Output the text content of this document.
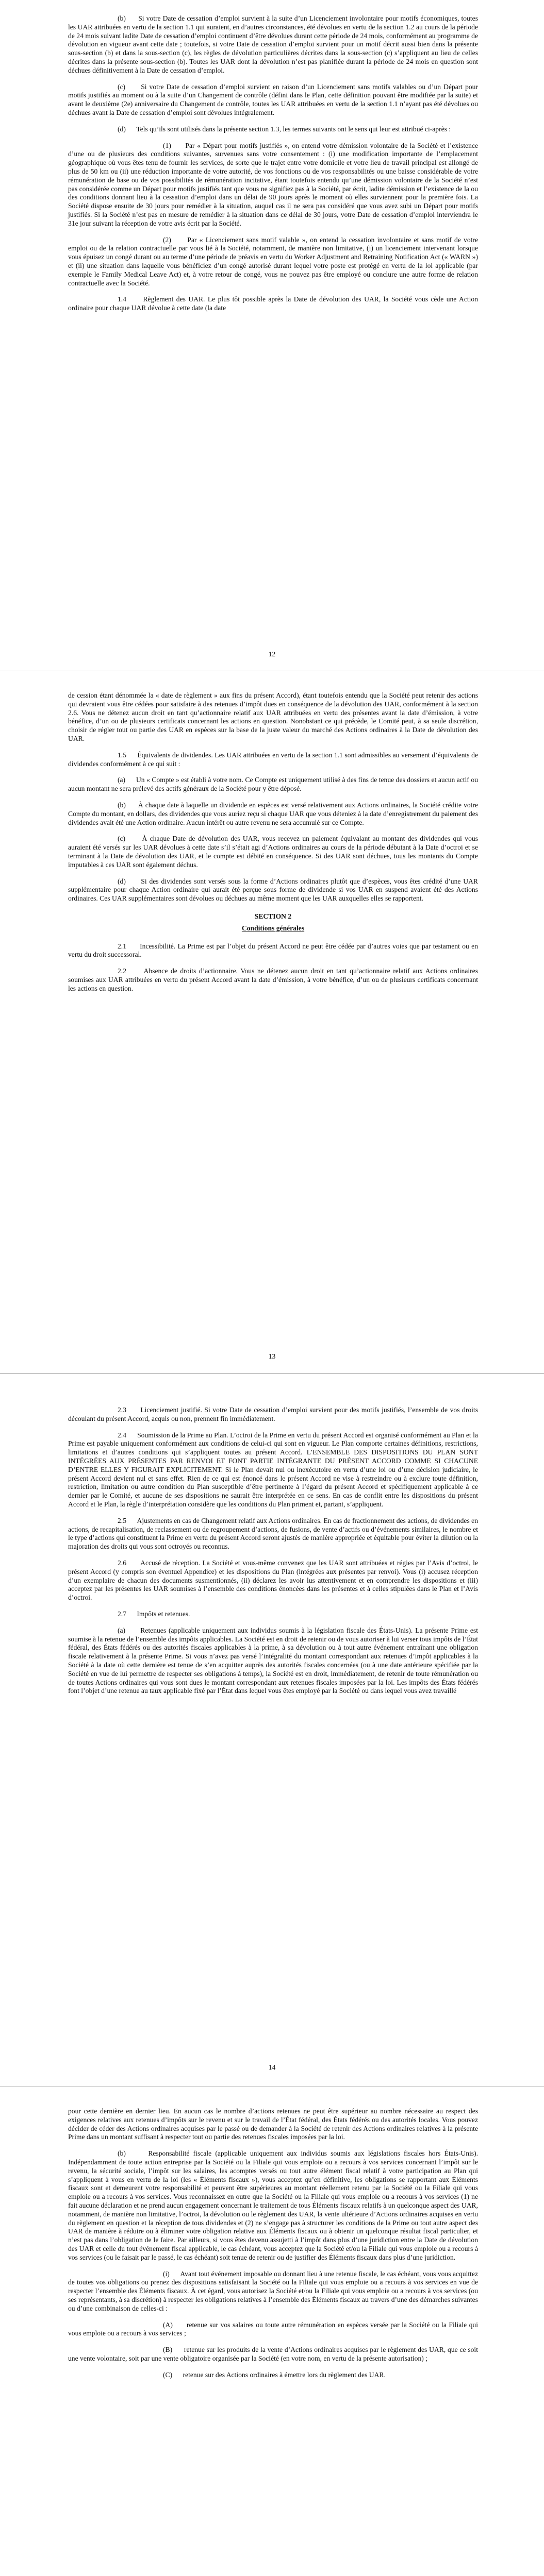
(b)      Si votre Date de cessation d’emploi survient à la suite d’un Licenciement involontaire pour motifs économiques, toutes les UAR attribuées en vertu de la section 1.1 qui auraient, en d’autres circonstances, été dévolues en vertu de la section 1.2 au cours de la période de 24 mois suivant ladite Date de cessation d’emploi continuent d’être dévolues durant cette période de 24 mois, conformément au programme de dévolution en vigueur avant cette date ; toutefois, si votre Date de cessation d’emploi survient pour un motif décrit aussi bien dans la présente sous-section (b) et dans la sous-section (c), les règles de dévolution particulières décrites dans la sous-section (c) s’appliquent au lieu de celles décrites dans la présente sous-section (b). Toutes les UAR dont la dévolution n’est pas planifiée durant la période de 24 mois en question sont déchues définitivement à la Date de cessation d’emploi.

(c)      Si votre Date de cessation d’emploi survient en raison d’un Licenciement sans motifs valables ou d’un Départ pour motifs justifiés au moment ou à la suite d’un Changement de contrôle (défini dans le Plan, cette définition pouvant être modifiée par la suite) et avant le deuxième (2e) anniversaire du Changement de contrôle, toutes les UAR attribuées en vertu de la section 1.1 n’ayant pas été dévolues ou déchues avant la Date de cessation d’emploi sont dévolues intégralement.

(d)      Tels qu’ils sont utilisés dans la présente section 1.3, les termes suivants ont le sens qui leur est attribué ci-après :

(1)      Par « Départ pour motifs justifiés », on entend votre démission volontaire de la Société et l’existence d’une ou de plusieurs des conditions suivantes, survenues sans votre consentement : (i) une modification importante de l’emplacement géographique où vous êtes tenu de fournir les services, de sorte que le trajet entre votre domicile et votre lieu de travail principal est allongé de plus de 50 km ou (ii) une réduction importante de votre autorité, de vos fonctions ou de vos responsabilités ou une baisse considérable de votre rémunération de base ou de vos possibilités de rémunération incitative, étant toutefois entendu qu’une démission volontaire de la Société n’est pas considérée comme un Départ pour motifs justifiés tant que vous ne signifiez pas à la Société, par écrit, ladite démission et l’existence de la ou des conditions donnant lieu à la cessation d’emploi dans un délai de 90 jours après le moment où elles surviennent pour la première fois. La Société dispose ensuite de 30 jours pour remédier à la situation, auquel cas il ne sera pas considéré que vous avez subi un Départ pour motifs justifiés. Si la Société n’est pas en mesure de remédier à la situation dans ce délai de 30 jours, votre Date de cessation d’emploi interviendra le 31e jour suivant la réception de votre avis écrit par la Société.

(2)      Par « Licenciement sans motif valable », on entend la cessation involontaire et sans motif de votre emploi ou de la relation contractuelle par vous lié à la Société, notamment, de manière non limitative, (i) un licenciement intervenant lorsque vous épuisez un congé durant ou au terme d’une période de préavis en vertu du Worker Adjustment and Retraining Notification Act (« WARN ») et (ii) une situation dans laquelle vous bénéficiez d’un congé autorisé durant lequel votre poste est protégé en vertu de la loi applicable (par exemple le Family Medical Leave Act) et, à votre retour de congé, vous ne pouvez pas être employé ou conclure une autre forme de relation contractuelle avec la Société.

1.4      Règlement des UAR. Le plus tôt possible après la Date de dévolution des UAR, la Société vous cède une Action ordinaire pour chaque UAR dévolue à cette date (la date

12

de cession étant dénommée la « date de règlement » aux fins du présent Accord), étant toutefois entendu que la Société peut retenir des actions qui devraient vous être cédées pour satisfaire à des retenues d’impôt dues en conséquence de la dévolution des UAR, conformément à la section 2.6. Vous ne détenez aucun droit en tant qu’actionnaire relatif aux UAR attribuées en vertu des présentes avant la date d’émission, à votre bénéfice, d’un ou de plusieurs certificats concernant les actions en question. Nonobstant ce qui précède, le Comité peut, à sa seule discrétion, choisir de régler tout ou partie des UAR en espèces sur la base de la juste valeur du marché des Actions ordinaires à la Date de dévolution des UAR.

1.5      Équivalents de dividendes. Les UAR attribuées en vertu de la section 1.1 sont admissibles au versement d’équivalents de dividendes conformément à ce qui suit :

(a)      Un « Compte » est établi à votre nom. Ce Compte est uniquement utilisé à des fins de tenue des dossiers et aucun actif ou aucun montant ne sera prélevé des actifs généraux de la Société pour y être déposé.

(b)      À chaque date à laquelle un dividende en espèces est versé relativement aux Actions ordinaires, la Société crédite votre Compte du montant, en dollars, des dividendes que vous auriez reçu si chaque UAR que vous déteniez à la date d’enregistrement du paiement des dividendes avait été une Action ordinaire. Aucun intérêt ou autre revenu ne sera accumulé sur ce Compte.

(c)      À chaque Date de dévolution des UAR, vous recevez un paiement équivalant au montant des dividendes qui vous auraient été versés sur les UAR dévolues à cette date s’il s’était agi d’Actions ordinaires au cours de la période débutant à la Date d’octroi et se terminant à la Date de dévolution des UAR, et le compte est débité en conséquence. Si des UAR sont déchues, tous les montants du Compte imputables à ces UAR sont également déchus.

(d)      Si des dividendes sont versés sous la forme d’Actions ordinaires plutôt que d’espèces, vous êtes crédité d’une UAR supplémentaire pour chaque Action ordinaire qui aurait été perçue sous forme de dividende si vos UAR en suspend avaient été des Actions ordinaires. Ces UAR supplémentaires sont dévolues ou déchues au même moment que les UAR auxquelles elles se rapportent.

SECTION 2
Conditions générales

2.1      Incessibilité. La Prime est par l’objet du présent Accord ne peut être cédée par d’autres voies que par testament ou en vertu du droit successoral.

2.2      Absence de droits d’actionnaire. Vous ne détenez aucun droit en tant qu’actionnaire relatif aux Actions ordinaires soumises aux UAR attribuées en vertu du présent Accord avant la date d’émission, à votre bénéfice, d’un ou de plusieurs certificats concernant les actions en question.

13

2.3      Licenciement justifié. Si votre Date de cessation d’emploi survient pour des motifs justifiés, l’ensemble de vos droits découlant du présent Accord, acquis ou non, prennent fin immédiatement.

2.4      Soumission de la Prime au Plan. L’octroi de la Prime en vertu du présent Accord est organisé conformément au Plan et la Prime est payable uniquement conformément aux conditions de celui-ci qui sont en vigueur. Le Plan comporte certaines définitions, restrictions, limitations et d’autres conditions qui s’appliquent toutes au présent Accord. L’ENSEMBLE DES DISPOSITIONS DU PLAN SONT INTÉGRÉES AUX PRÉSENTES PAR RENVOI ET FONT PARTIE INTÉGRANTE DU PRÉSENT ACCORD COMME SI CHACUNE D’ENTRE ELLES Y FIGURAIT EXPLICITEMENT. Si le Plan devait nul ou inexécutoire en vertu d’une loi ou d’une décision judiciaire, le présent Accord devient nul et sans effet. Rien de ce qui est énoncé dans le présent Accord ne vise à restreindre ou à exclure toute définition, restriction, limitation ou autre condition du Plan susceptible d’être pertinente à l’égard du présent Accord et spécifiquement applicable à ce dernier par le Comité, et aucune de ses dispositions ne saurait être interprétée en ce sens. En cas de conflit entre les dispositions du présent Accord et le Plan, la règle d’interprétation considère que les conditions du Plan priment et, partant, s’appliquent.

2.5      Ajustements en cas de Changement relatif aux Actions ordinaires. En cas de fractionnement des actions, de dividendes en actions, de recapitalisation, de reclassement ou de regroupement d’actions, de fusions, de vente d’actifs ou d’événements similaires, le nombre et le type d’actions qui constituent la Prime en vertu du présent Accord seront ajustés de manière appropriée et équitable pour éviter la dilution ou la majoration des droits qui vous sont octroyés ou reconnus.

2.6      Accusé de réception. La Société et vous-même convenez que les UAR sont attribuées et régies par l’Avis d’octroi, le présent Accord (y compris son éventuel Appendice) et les dispositions du Plan (intégrées aux présentes par renvoi). Vous (i) accusez réception d’un exemplaire de chacun des documents susmentionnés, (ii) déclarez les avoir lus attentivement et en comprendre les dispositions et (iii) acceptez par les présentes les UAR soumises à l’ensemble des conditions énoncées dans les présentes et à celles stipulées dans le Plan et l’Avis d’octroi.

2.7      Impôts et retenues.

(a)      Retenues (applicable uniquement aux individus soumis à la législation fiscale des États-Unis). La présente Prime est soumise à la retenue de l’ensemble des impôts applicables. La Société est en droit de retenir ou de vous autoriser à lui verser tous impôts de l’État fédéral, des États fédérés ou des autorités fiscales applicables à la prime, à sa dévolution ou à tout autre événement entraînant une obligation fiscale relativement à la présente Prime. Si vous n’avez pas versé l’intégralité du montant correspondant aux retenues d’impôt applicables à la Société à la date où cette dernière est tenue de s’en acquitter auprès des autorités fiscales concernées (ou à une date antérieure spécifiée par la Société en vue de lui permettre de respecter ses obligations à temps), la Société est en droit, immédiatement, de retenir de toute rémunération ou de toutes Actions ordinaires qui vous sont dues le montant correspondant aux retenues fiscales imposées par la loi. Les impôts des États fédérés font l’objet d’une retenue au taux applicable fixé par l’État dans lequel vous êtes employé par la Société ou dans lequel vous avez travaillé

14

pour cette dernière en dernier lieu. En aucun cas le nombre d’actions retenues ne peut être supérieur au nombre nécessaire au respect des exigences relatives aux retenues d’impôts sur le revenu et sur le travail de l’État fédéral, des États fédérés ou des autorités locales. Vous pouvez décider de céder des Actions ordinaires acquises par le passé ou de demander à la Société de retenir des Actions ordinaires relatives à la présente Prime dans un montant suffisant à respecter tout ou partie des retenues fiscales imposées par la loi.

(b)      Responsabilité fiscale (applicable uniquement aux individus soumis aux législations fiscales hors États-Unis). Indépendamment de toute action entreprise par la Société ou la Filiale qui vous emploie ou a recours à vos services concernant l’impôt sur le revenu, la sécurité sociale, l’impôt sur les salaires, les acomptes versés ou tout autre élément fiscal relatif à votre participation au Plan qui s’appliquent à vous en vertu de la loi (les « Éléments fiscaux »), vous acceptez qu’en définitive, les obligations se rapportant aux Éléments fiscaux sont et demeurent votre responsabilité et peuvent être supérieures au montant réellement retenu par la Société ou la Filiale qui vous emploie ou a recours à vos services. Vous reconnaissez en outre que la Société ou la Filiale qui vous emploie ou a recours à vos services (1) ne fait aucune déclaration et ne prend aucun engagement concernant le traitement de tous Éléments fiscaux relatifs à un quelconque aspect des UAR, notamment, de manière non limitative, l’octroi, la dévolution ou le règlement des UAR, la vente ultérieure d’Actions ordinaires acquises en vertu du règlement en question et la réception de tous dividendes et (2) ne s’engage pas à structurer les conditions de la Prime ou tout autre aspect des UAR de manière à réduire ou à éliminer votre obligation relative aux Éléments fiscaux ou à obtenir un quelconque résultat fiscal particulier, et n’est pas dans l’obligation de le faire. Par ailleurs, si vous êtes devenu assujetti à l’impôt dans plus d’une juridiction entre la Date de dévolution des UAR et celle du tout événement fiscal applicable, le cas échéant, vous acceptez que la Société et/ou la Filiale qui vous emploie ou a recours à vos services (ou le faisait par le passé, le cas échéant) soit tenue de retenir ou de justifier des Éléments fiscaux dans plus d’une juridiction.

(i)      Avant tout événement imposable ou donnant lieu à une retenue fiscale, le cas échéant, vous vous acquittez de toutes vos obligations ou prenez des dispositions satisfaisant la Société ou la Filiale qui vous emploie ou a recours à vos services en vue de respecter l’ensemble des Éléments fiscaux. À cet égard, vous autorisez la Société et/ou la Filiale qui vous emploie ou a recours à vos services (ou ses représentants, à sa discrétion) à respecter les obligations relatives à l’ensemble des Éléments fiscaux au travers d’une des démarches suivantes ou d’une combinaison de celles-ci :

(A)      retenue sur vos salaires ou toute autre rémunération en espèces versée par la Société ou la Filiale qui vous emploie ou a recours à vos services ;

(B)      retenue sur les produits de la vente d’Actions ordinaires acquises par le règlement des UAR, que ce soit une vente volontaire, soit par une vente obligatoire organisée par la Société (en votre nom, en vertu de la présente autorisation) ;

(C)      retenue sur des Actions ordinaires à émettre lors du règlement des UAR.
